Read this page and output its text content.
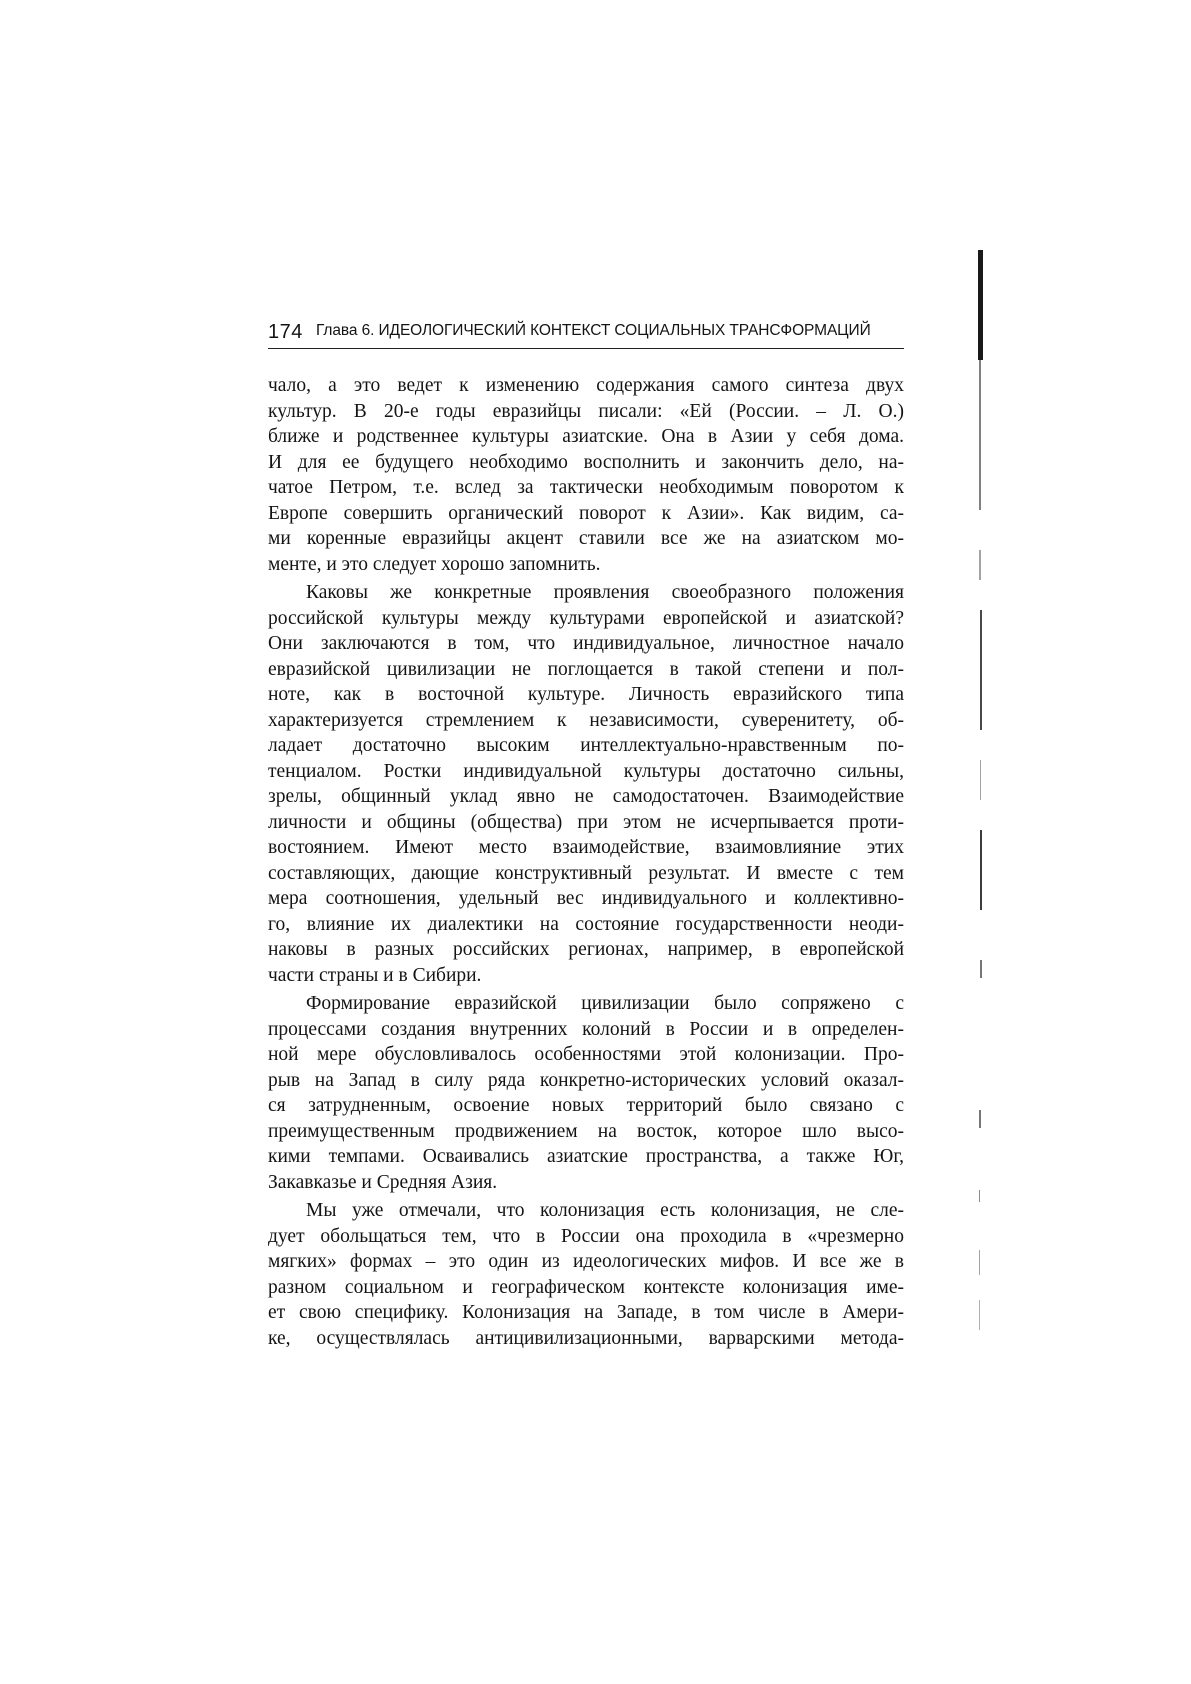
174 Глава 6. ИДЕОЛОГИЧЕСКИЙ КОНТЕКСТ СОЦИАЛЬНЫХ ТРАНСФОРМАЦИЙ
чало, а это ведет к изменению содержания самого синтеза двух
культур. В 20-е годы евразийцы писали: «Ей (России. – Л. О.)
ближе и родственнее культуры азиатские. Она в Азии у себя дома.
И для ее будущего необходимо восполнить и закончить дело, на-
чатое Петром, т.е. вслед за тактически необходимым поворотом к
Европе совершить органический поворот к Азии». Как видим, са-
ми коренные евразийцы акцент ставили все же на азиатском мо-
менте, и это следует хорошо запомнить.
Каковы же конкретные проявления своеобразного положения
российской культуры между культурами европейской и азиатской?
Они заключаются в том, что индивидуальное, личностное начало
евразийской цивилизации не поглощается в такой степени и пол-
ноте, как в восточной культуре. Личность евразийского типа
характеризуется стремлением к независимости, суверенитету, об-
ладает достаточно высоким интеллектуально-нравственным по-
тенциалом. Ростки индивидуальной культуры достаточно сильны,
зрелы, общинный уклад явно не самодостаточен. Взаимодействие
личности и общины (общества) при этом не исчерпывается проти-
востоянием. Имеют место взаимодействие, взаимовлияние этих
составляющих, дающие конструктивный результат. И вместе с тем
мера соотношения, удельный вес индивидуального и коллективно-
го, влияние их диалектики на состояние государственности неоди-
наковы в разных российских регионах, например, в европейской
части страны и в Сибири.
Формирование евразийской цивилизации было сопряжено с
процессами создания внутренних колоний в России и в определен-
ной мере обусловливалось особенностями этой колонизации. Про-
рыв на Запад в силу ряда конкретно-исторических условий оказал-
ся затрудненным, освоение новых территорий было связано с
преимущественным продвижением на восток, которое шло высо-
кими темпами. Осваивались азиатские пространства, а также Юг,
Закавказье и Средняя Азия.
Мы уже отмечали, что колонизация есть колонизация, не сле-
дует обольщаться тем, что в России она проходила в «чрезмерно
мягких» формах – это один из идеологических мифов. И все же в
разном социальном и географическом контексте колонизация име-
ет свою специфику. Колонизация на Западе, в том числе в Амери-
ке, осуществлялась антицивилизационными, варварскими метода-
